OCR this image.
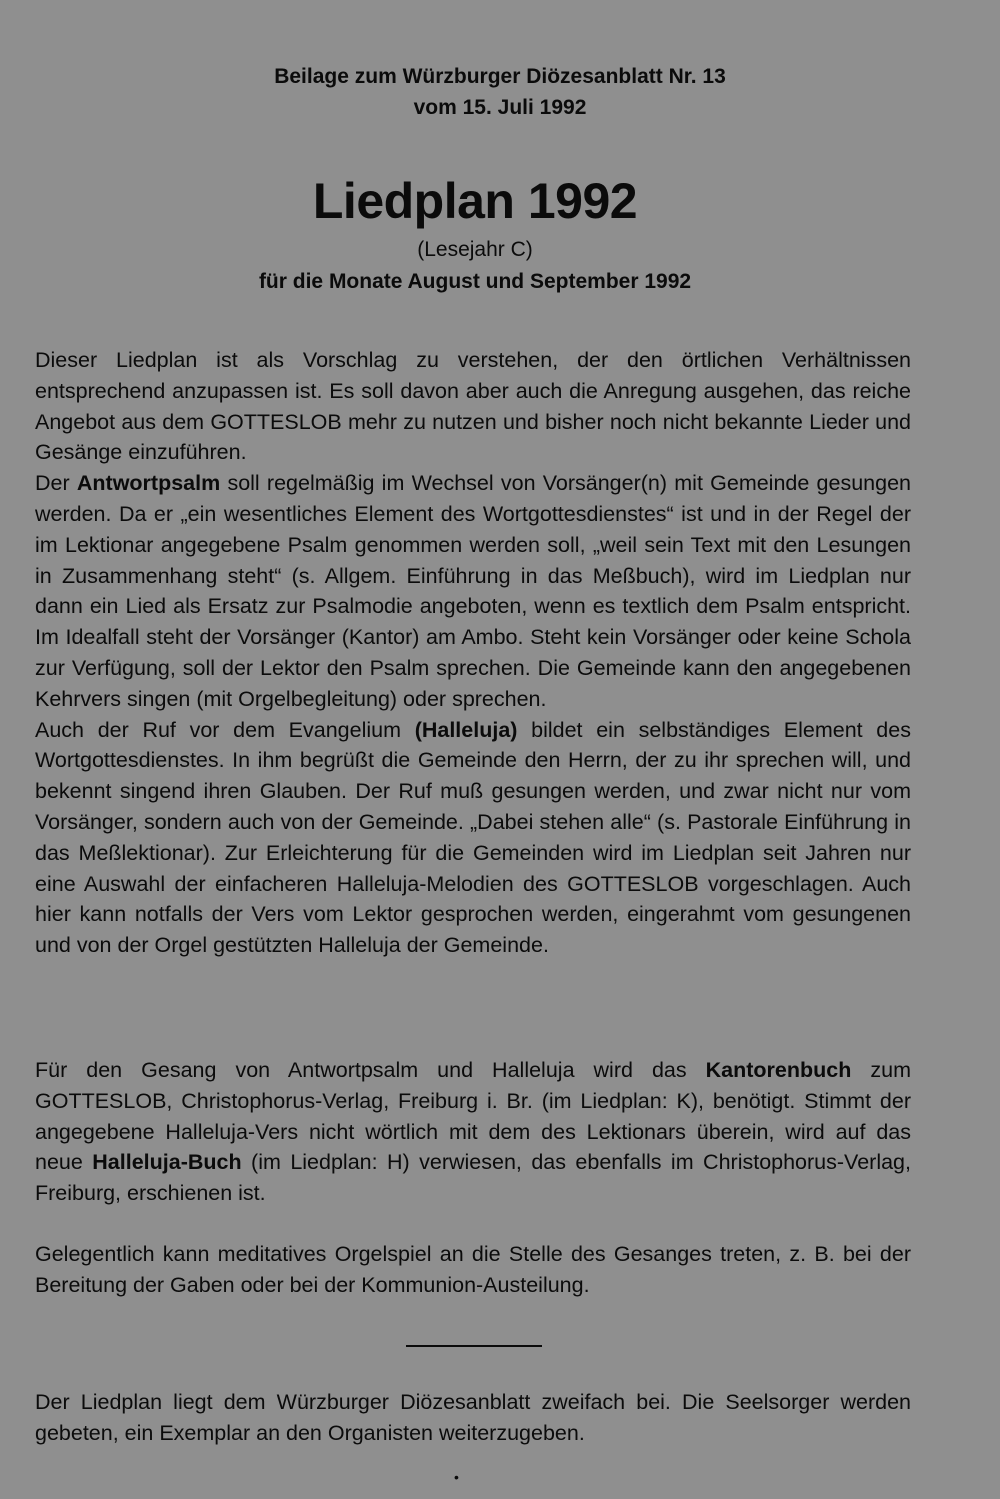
Beilage zum Würzburger Diözesanblatt Nr. 13
vom 15. Juli 1992
Liedplan 1992
(Lesejahr C)
für die Monate August und September 1992

Dieser Liedplan ist als Vorschlag zu verstehen, der den örtlichen Verhältnissen entsprechend anzupassen ist. Es soll davon aber auch die Anregung ausgehen, das reiche Angebot aus dem GOTTESLOB mehr zu nutzen und bisher noch nicht bekannte Lieder und Gesänge einzuführen.

Der Antwortpsalm soll regelmäßig im Wechsel von Vorsänger(n) mit Gemeinde gesungen werden. Da er „ein wesentliches Element des Wortgottesdienstes“ ist und in der Regel der im Lektionar angegebene Psalm genommen werden soll, „weil sein Text mit den Lesungen in Zusammenhang steht“ (s. Allgem. Einführung in das Meßbuch), wird im Liedplan nur dann ein Lied als Ersatz zur Psalmodie angeboten, wenn es textlich dem Psalm entspricht. Im Idealfall steht der Vorsänger (Kantor) am Ambo. Steht kein Vorsänger oder keine Schola zur Verfügung, soll der Lektor den Psalm sprechen. Die Gemeinde kann den angegebenen Kehrvers singen (mit Orgelbegleitung) oder sprechen.

Auch der Ruf vor dem Evangelium (Halleluja) bildet ein selbständiges Element des Wortgottesdienstes. In ihm begrüßt die Gemeinde den Herrn, der zu ihr sprechen will, und bekennt singend ihren Glauben. Der Ruf muß gesungen werden, und zwar nicht nur vom Vorsänger, sondern auch von der Gemeinde. „Dabei stehen alle“ (s. Pastorale Einführung in das Meßlektionar). Zur Erleichterung für die Gemeinden wird im Liedplan seit Jahren nur eine Auswahl der einfacheren Halleluja-Melodien des GOTTESLOB vorgeschlagen. Auch hier kann notfalls der Vers vom Lektor gesprochen werden, eingerahmt vom gesungenen und von der Orgel gestützten Halleluja der Gemeinde.

Für den Gesang von Antwortpsalm und Halleluja wird das Kantorenbuch zum GOTTESLOB, Christophorus-Verlag, Freiburg i. Br. (im Liedplan: K), benötigt. Stimmt der angegebene Halleluja-Vers nicht wörtlich mit dem des Lektionars überein, wird auf das neue Halleluja-Buch (im Liedplan: H) verwiesen, das ebenfalls im Christophorus-Verlag, Freiburg, erschienen ist.

Gelegentlich kann meditatives Orgelspiel an die Stelle des Gesanges treten, z. B. bei der Bereitung der Gaben oder bei der Kommunion-Austeilung.

Der Liedplan liegt dem Würzburger Diözesanblatt zweifach bei. Die Seelsorger werden gebeten, ein Exemplar an den Organisten weiterzugeben.

•
